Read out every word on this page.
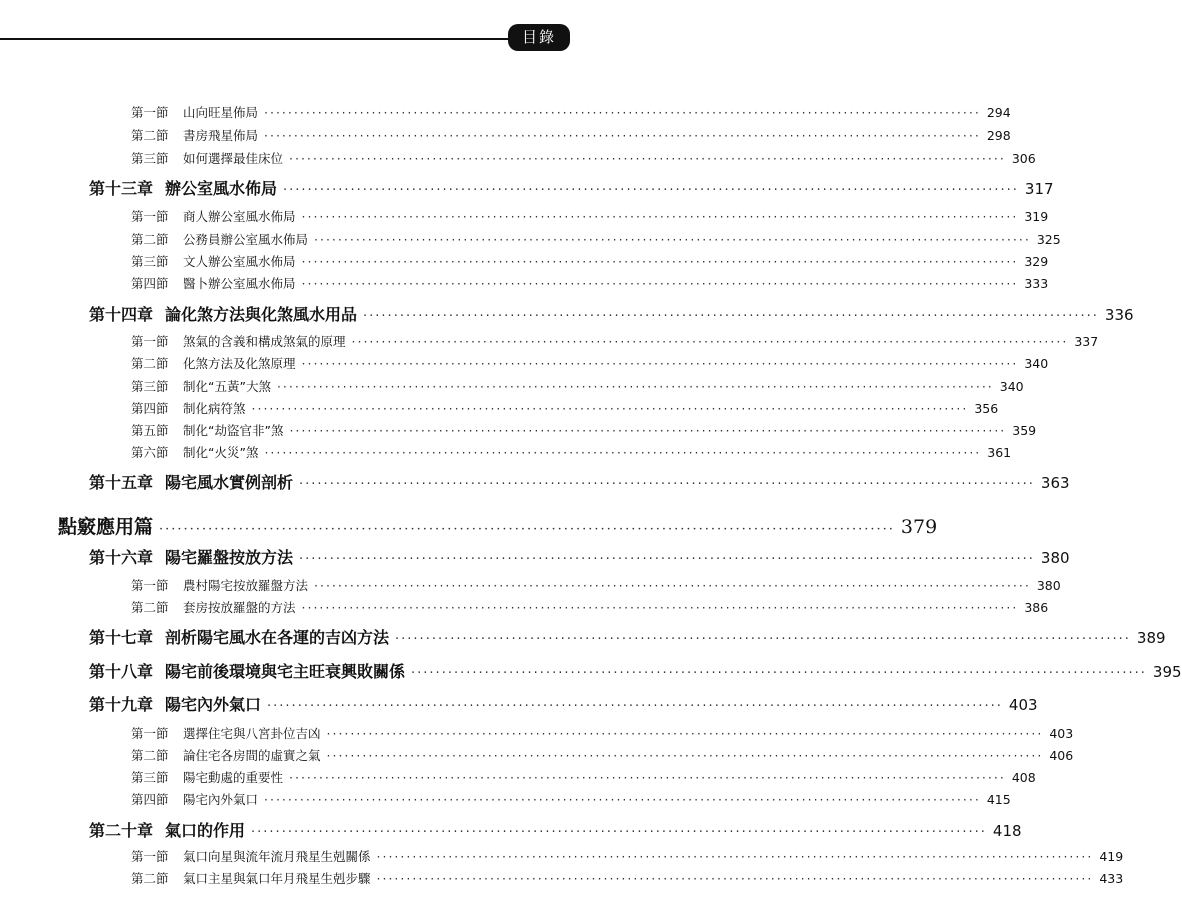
目錄
第一節	山向旺星佈局 ························································································································ 294
第二節	書房飛星佈局 ························································································································ 298
第三節	如何選擇最佳床位 ························································································································ 306
第十三章 辦公室風水佈局 ························································································································ 317
第一節	商人辦公室風水佈局 ························································································································ 319
第二節	公務員辦公室風水佈局 ························································································································ 325
第三節	文人辦公室風水佈局 ························································································································ 329
第四節	醫卜辦公室風水佈局 ························································································································ 333
第十四章 論化煞方法與化煞風水用品 ························································································································ 336
第一節	煞氣的含義和構成煞氣的原理 ························································································································ 337
第二節	化煞方法及化煞原理 ························································································································ 340
第三節	制化“五黃”大煞 ························································································································ 340
第四節	制化病符煞 ························································································································ 356
第五節	制化“劫盜官非”煞 ························································································································ 359
第六節	制化“火災”煞 ························································································································ 361
第十五章 陽宅風水實例剖析 ························································································································ 363
點竅應用篇 ························································································································ 379
第十六章 陽宅羅盤按放方法 ························································································································ 380
第一節	農村陽宅按放羅盤方法 ························································································································ 380
第二節	套房按放羅盤的方法 ························································································································ 386
第十七章 剖析陽宅風水在各運的吉凶方法 ························································································································ 389
第十八章 陽宅前後環境與宅主旺衰興敗關係 ························································································································ 395
第十九章 陽宅內外氣口 ························································································································ 403
第一節	選擇住宅與八宮卦位吉凶 ························································································································ 403
第二節	論住宅各房間的虛實之氣 ························································································································ 406
第三節	陽宅動處的重要性 ························································································································ 408
第四節	陽宅內外氣口 ························································································································ 415
第二十章 氣口的作用 ························································································································ 418
第一節	氣口向星與流年流月飛星生剋關係 ························································································································ 419
第二節	氣口主星與氣口年月飛星生剋步驟 ························································································································ 433
